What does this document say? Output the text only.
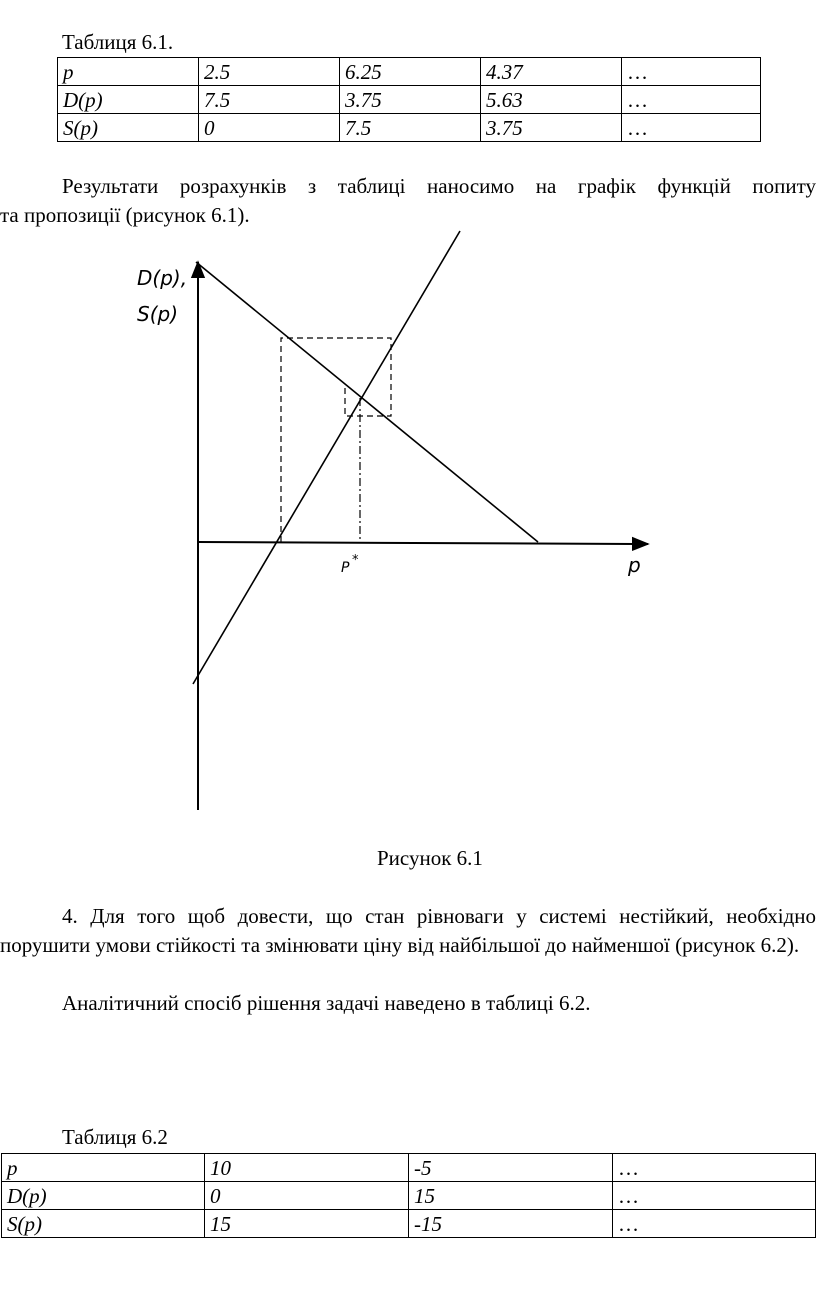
Таблиця 6.1.
p	2.5	6.25	4.37	…
D(p)	7.5	3.75	5.63	…
S(p)	0	7.5	3.75	…

Результати розрахунків з таблиці наносимо на графік функцій попиту

та пропозиції (рисунок 6.1).

D(p),
S(p)
p
P *
Рисунок 6.1

4. Для того щоб довести, що стан рівноваги у системі нестійкий, необхідно порушити умови стійкості та змінювати ціну від найбільшої до найменшої (рисунок 6.2).

Аналітичний спосіб рішення задачі наведено в таблиці 6.2.

Таблиця 6.2
p	10	-5	…
D(p)	0	15	…
S(p)	15	-15	…
